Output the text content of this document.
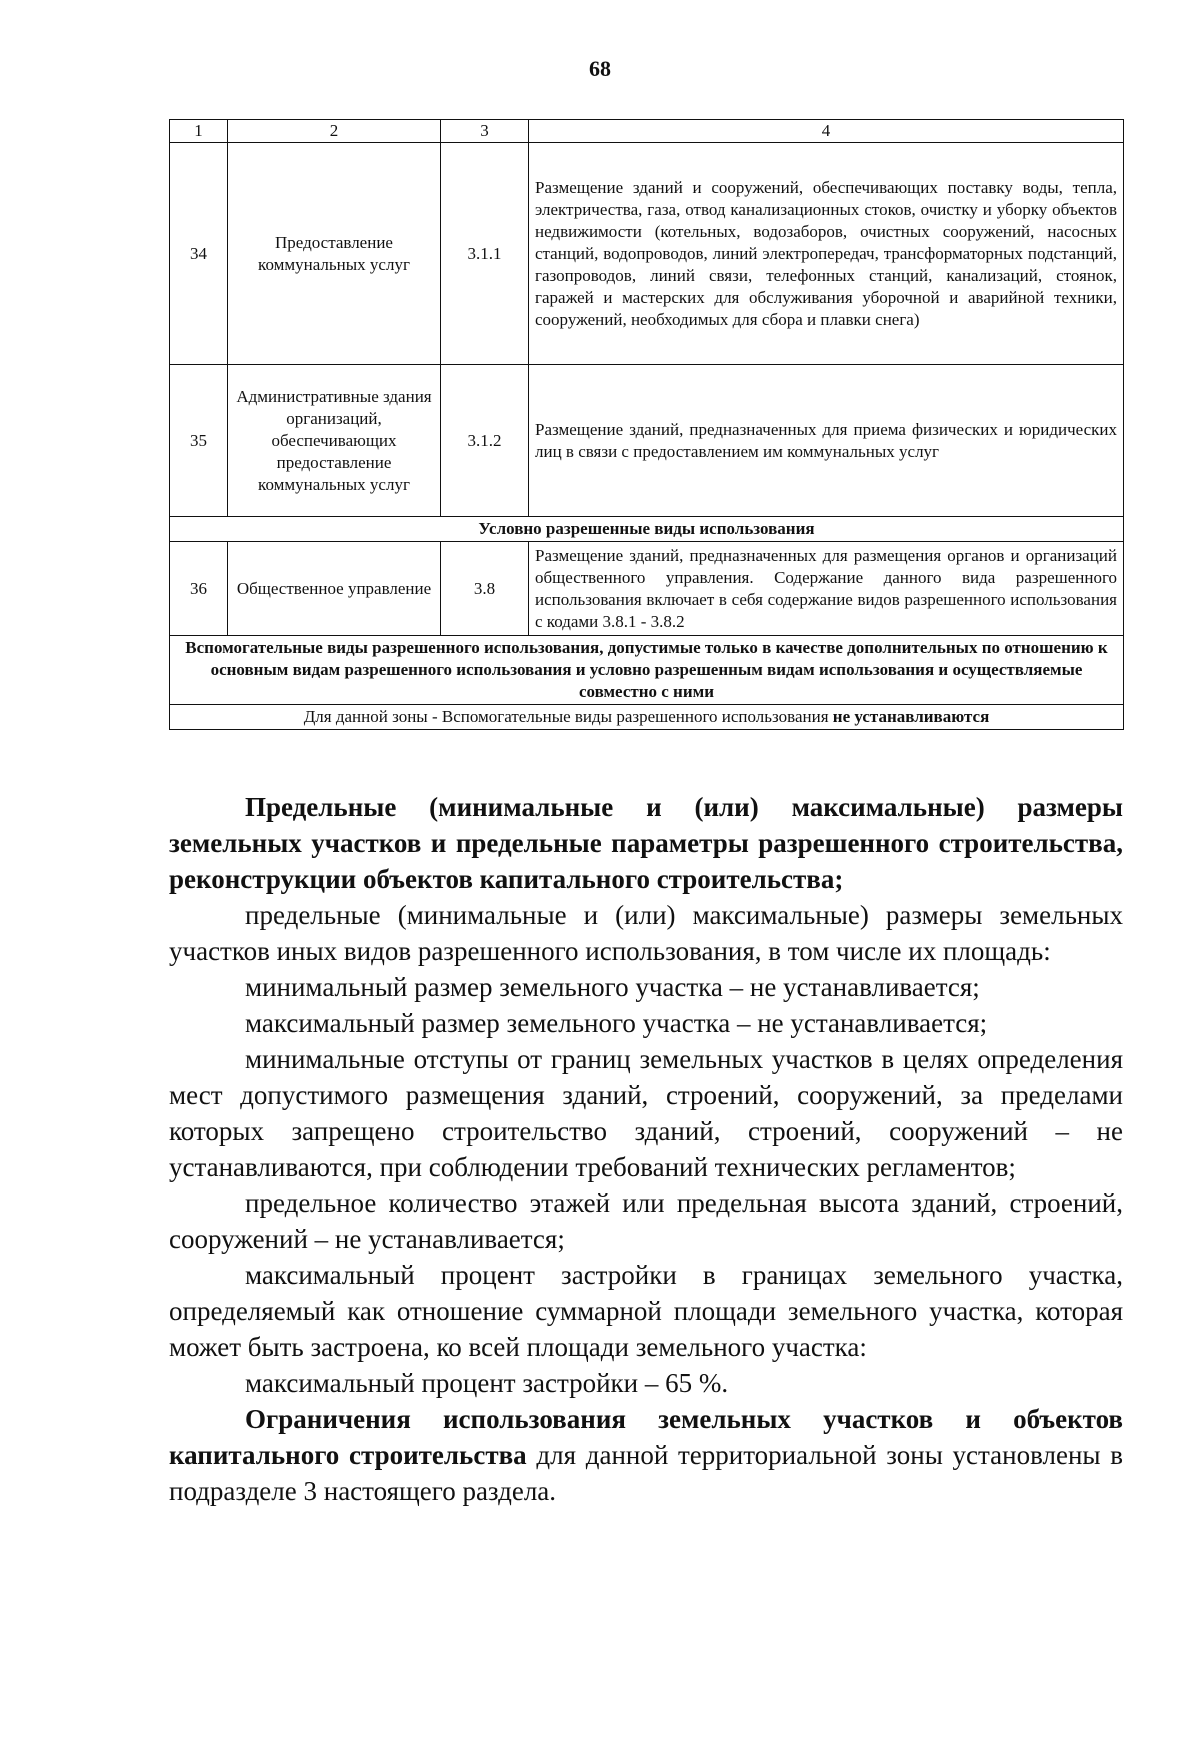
68
1	2	3	4
34	Предоставление коммунальных услуг	3.1.1	Размещение зданий и сооружений, обеспечивающих поставку воды, тепла, электричества, газа, отвод канализационных стоков, очистку и уборку объектов недвижимости (котельных, водозаборов, очистных сооружений, насосных станций, водопроводов, линий электропередач, трансформаторных подстанций, газопроводов, линий связи, телефонных станций, канализаций, стоянок, гаражей и мастерских для обслуживания уборочной и аварийной техники, сооружений, необходимых для сбора и плавки снега)
35	Административные здания организаций, обеспечивающих предоставление коммунальных услуг	3.1.2	Размещение зданий, предназначенных для приема физических и юридических лиц в связи с предоставлением им коммунальных услуг
Условно разрешенные виды использования			
36	Общественное управление	3.8	Размещение зданий, предназначенных для размещения органов и организаций общественного управления. Содержание данного вида разрешенного использования включает в себя содержание видов разрешенного использования с кодами 3.8.1 - 3.8.2
Вспомогательные виды разрешенного использования, допустимые только в качестве дополнительных по отношению к основным видам разрешенного использования и условно разрешенным видам использования и осуществляемые совместно с ними			
Для данной зоны - Вспомогательные виды разрешенного использования не устанавливаются			

Предельные (минимальные и (или) максимальные) размеры земельных участков и предельные параметры разрешенного строительства, реконструкции объектов капитального строительства;

предельные (минимальные и (или) максимальные) размеры земельных участков иных видов разрешенного использования, в том числе их площадь:

минимальный размер земельного участка – не устанавливается;

максимальный размер земельного участка – не устанавливается;

минимальные отступы от границ земельных участков в целях определения мест допустимого размещения зданий, строений, сооружений, за пределами которых запрещено строительство зданий, строений, сооружений – не устанавливаются, при соблюдении требований технических регламентов;

предельное количество этажей или предельная высота зданий, строений, сооружений – не устанавливается;

максимальный процент застройки в границах земельного участка, определяемый как отношение суммарной площади земельного участка, которая может быть застроена, ко всей площади земельного участка:

максимальный процент застройки – 65 %.

Ограничения использования земельных участков и объектов капитального строительства для данной территориальной зоны установлены в подразделе 3 настоящего раздела.
